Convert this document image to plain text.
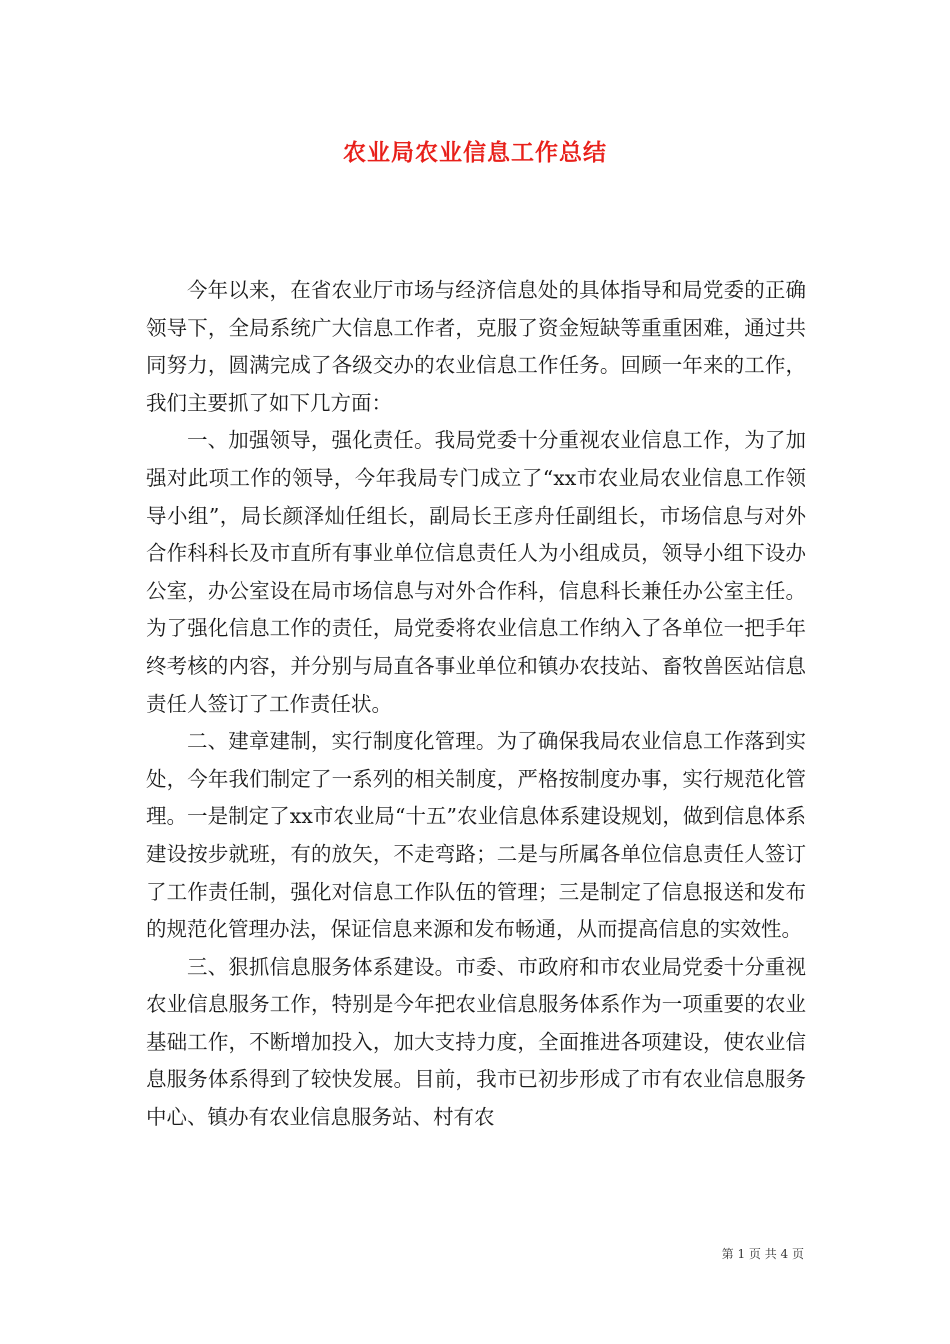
农业局农业信息工作总结

今年以来，在省农业厅市场与经济信息处的具体指导和局党委的正确领导下，全局系统广大信息工作者，克服了资金短缺等重重困难，通过共同努力，圆满完成了各级交办的农业信息工作任务。回顾一年来的工作，我们主要抓了如下几方面：

一、加强领导，强化责任。我局党委十分重视农业信息工作，为了加强对此项工作的领导，今年我局专门成立了“xx市农业局农业信息工作领导小组”，局长颜泽灿任组长，副局长王彦舟任副组长，市场信息与对外合作科科长及市直所有事业单位信息责任人为小组成员，领导小组下设办公室，办公室设在局市场信息与对外合作科，信息科长兼任办公室主任。为了强化信息工作的责任，局党委将农业信息工作纳入了各单位一把手年终考核的内容，并分别与局直各事业单位和镇办农技站、畜牧兽医站信息责任人签订了工作责任状。

二、建章建制，实行制度化管理。为了确保我局农业信息工作落到实处，今年我们制定了一系列的相关制度，严格按制度办事，实行规范化管理。一是制定了xx市农业局“十五”农业信息体系建设规划，做到信息体系建设按步就班，有的放矢，不走弯路；二是与所属各单位信息责任人签订了工作责任制，强化对信息工作队伍的管理；三是制定了信息报送和发布的规范化管理办法，保证信息来源和发布畅通，从而提高信息的实效性。

三、狠抓信息服务体系建设。市委、市政府和市农业局党委十分重视农业信息服务工作，特别是今年把农业信息服务体系作为一项重要的农业基础工作，不断增加投入，加大支持力度，全面推进各项建设，使农业信息服务体系得到了较快发展。目前，我市已初步形成了市有农业信息服务中心、镇办有农业信息服务站、村有农

第 1 页 共 4 页
